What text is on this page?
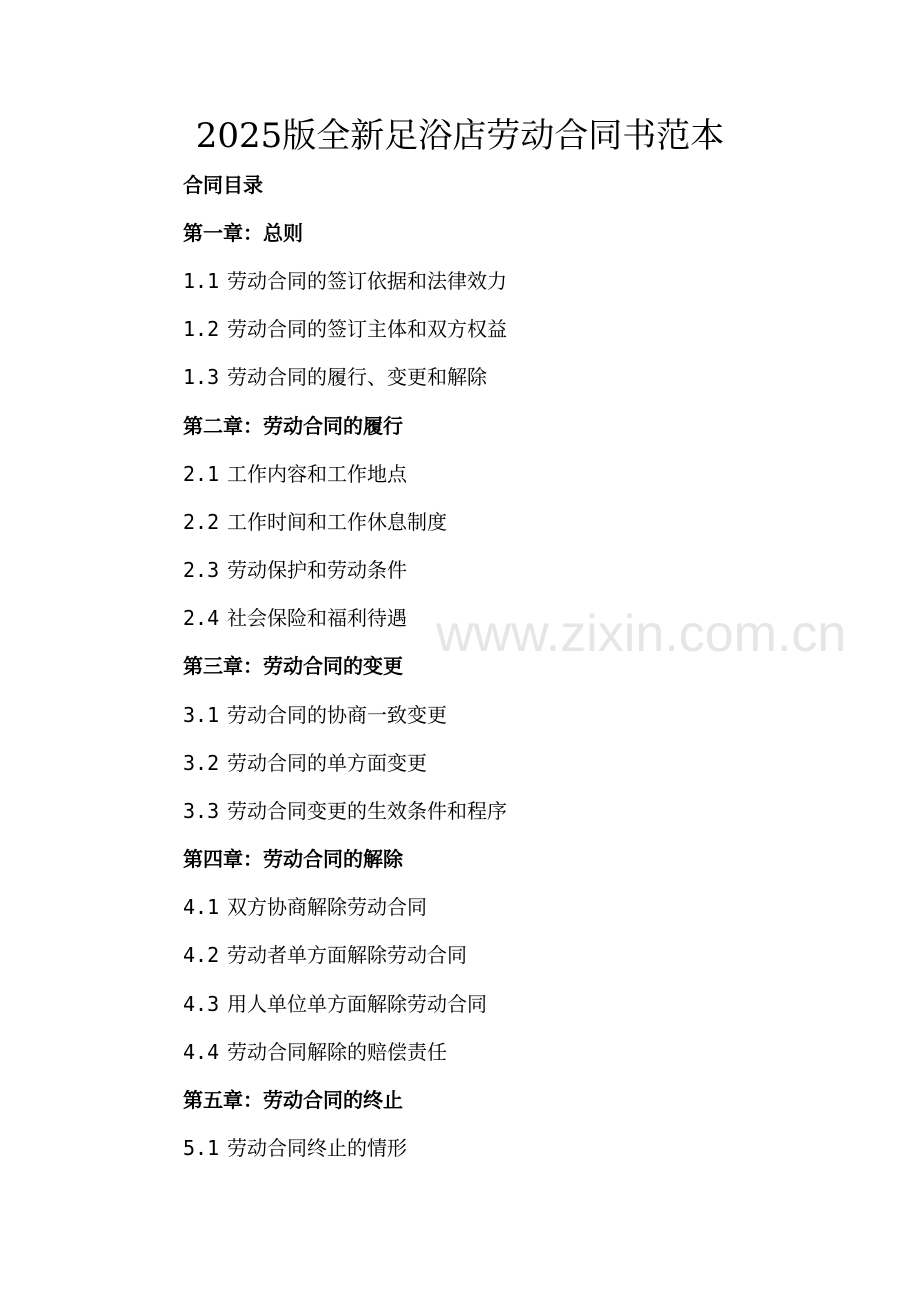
www.zixin.com.cn
2025版全新足浴店劳动合同书范本
合同目录
第一章：总则
1.1 劳动合同的签订依据和法律效力
1.2 劳动合同的签订主体和双方权益
1.3 劳动合同的履行、变更和解除
第二章：劳动合同的履行
2.1 工作内容和工作地点
2.2 工作时间和工作休息制度
2.3 劳动保护和劳动条件
2.4 社会保险和福利待遇
第三章：劳动合同的变更
3.1 劳动合同的协商一致变更
3.2 劳动合同的单方面变更
3.3 劳动合同变更的生效条件和程序
第四章：劳动合同的解除
4.1 双方协商解除劳动合同
4.2 劳动者单方面解除劳动合同
4.3 用人单位单方面解除劳动合同
4.4 劳动合同解除的赔偿责任
第五章：劳动合同的终止
5.1 劳动合同终止的情形
